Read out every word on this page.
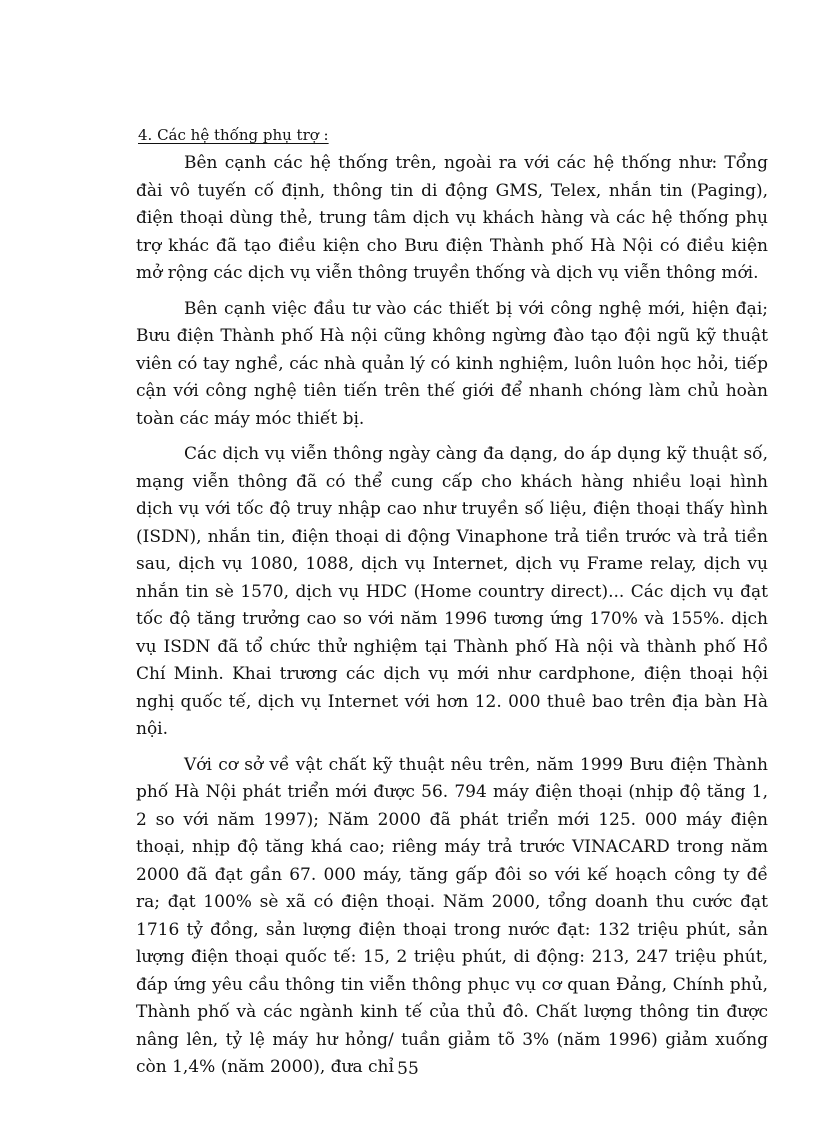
4. Các hệ thống phụ trợ :

Bên cạnh các hệ thống trên, ngoài ra với các hệ thống như: Tổng đài vô tuyến cố định, thông tin di động GMS, Telex, nhắn tin (Paging), điện thoại dùng thẻ, trung tâm dịch vụ khách hàng và các hệ thống phụ trợ khác đã tạo điều kiện cho Bưu điện Thành phố Hà Nội có điều kiện mở rộng các dịch vụ viễn thông truyền thống và dịch vụ viễn thông mới.

Bên cạnh việc đầu tư vào các thiết bị với công nghệ mới, hiện đại; Bưu điện Thành phố Hà nội cũng không ngừng đào tạo đội ngũ kỹ thuật viên có tay nghề, các nhà quản lý có kinh nghiệm, luôn luôn học hỏi, tiếp cận với công nghệ tiên tiến trên thế giới để nhanh chóng làm chủ hoàn toàn các máy móc thiết bị.

Các dịch vụ viễn thông ngày càng đa dạng, do áp dụng kỹ thuật số, mạng viễn thông đã có thể cung cấp cho khách hàng nhiều loại hình dịch vụ với tốc độ truy nhập cao như truyền số liệu, điện thoại thấy hình (ISDN), nhắn tin, điện thoại di động Vinaphone trả tiền trước và trả tiền sau, dịch vụ 1080, 1088, dịch vụ Internet, dịch vụ Frame relay, dịch vụ nhắn tin sè 1570, dịch vụ HDC (Home country direct)... Các dịch vụ đạt tốc độ tăng trưởng cao so với năm 1996 tương ứng 170% và 155%. dịch vụ ISDN đã tổ chức thử nghiệm tại Thành phố Hà nội và thành phố Hồ Chí Minh. Khai trương các dịch vụ mới như cardphone, điện thoại hội nghị quốc tế, dịch vụ Internet với hơn 12. 000 thuê bao trên địa bàn Hà nội.

Với cơ sở về vật chất kỹ thuật nêu trên, năm 1999 Bưu điện Thành phố Hà Nội phát triển mới được 56. 794 máy điện thoại (nhịp độ tăng 1, 2 so với năm 1997); Năm 2000 đã phát triển mới 125. 000 máy điện thoại, nhịp độ tăng khá cao; riêng máy trả trước VINACARD trong năm 2000 đã đạt gần 67. 000 máy, tăng gấp đôi so với kế hoạch công ty đề ra; đạt 100% sè xã có điện thoại. Năm 2000, tổng doanh thu cước đạt 1716 tỷ đồng, sản lượng điện thoại trong nước đạt: 132 triệu phút, sản lượng điện thoại quốc tế: 15, 2 triệu phút, di động: 213, 247 triệu phút, đáp ứng yêu cầu thông tin viễn thông phục vụ cơ quan Đảng, Chính phủ, Thành phố và các ngành kinh tế của thủ đô. Chất lượng thông tin được nâng lên, tỷ lệ máy hư hỏng/ tuần giảm tõ 3% (năm 1996) giảm xuống còn 1,4% (năm 2000), đưa chỉ 55
